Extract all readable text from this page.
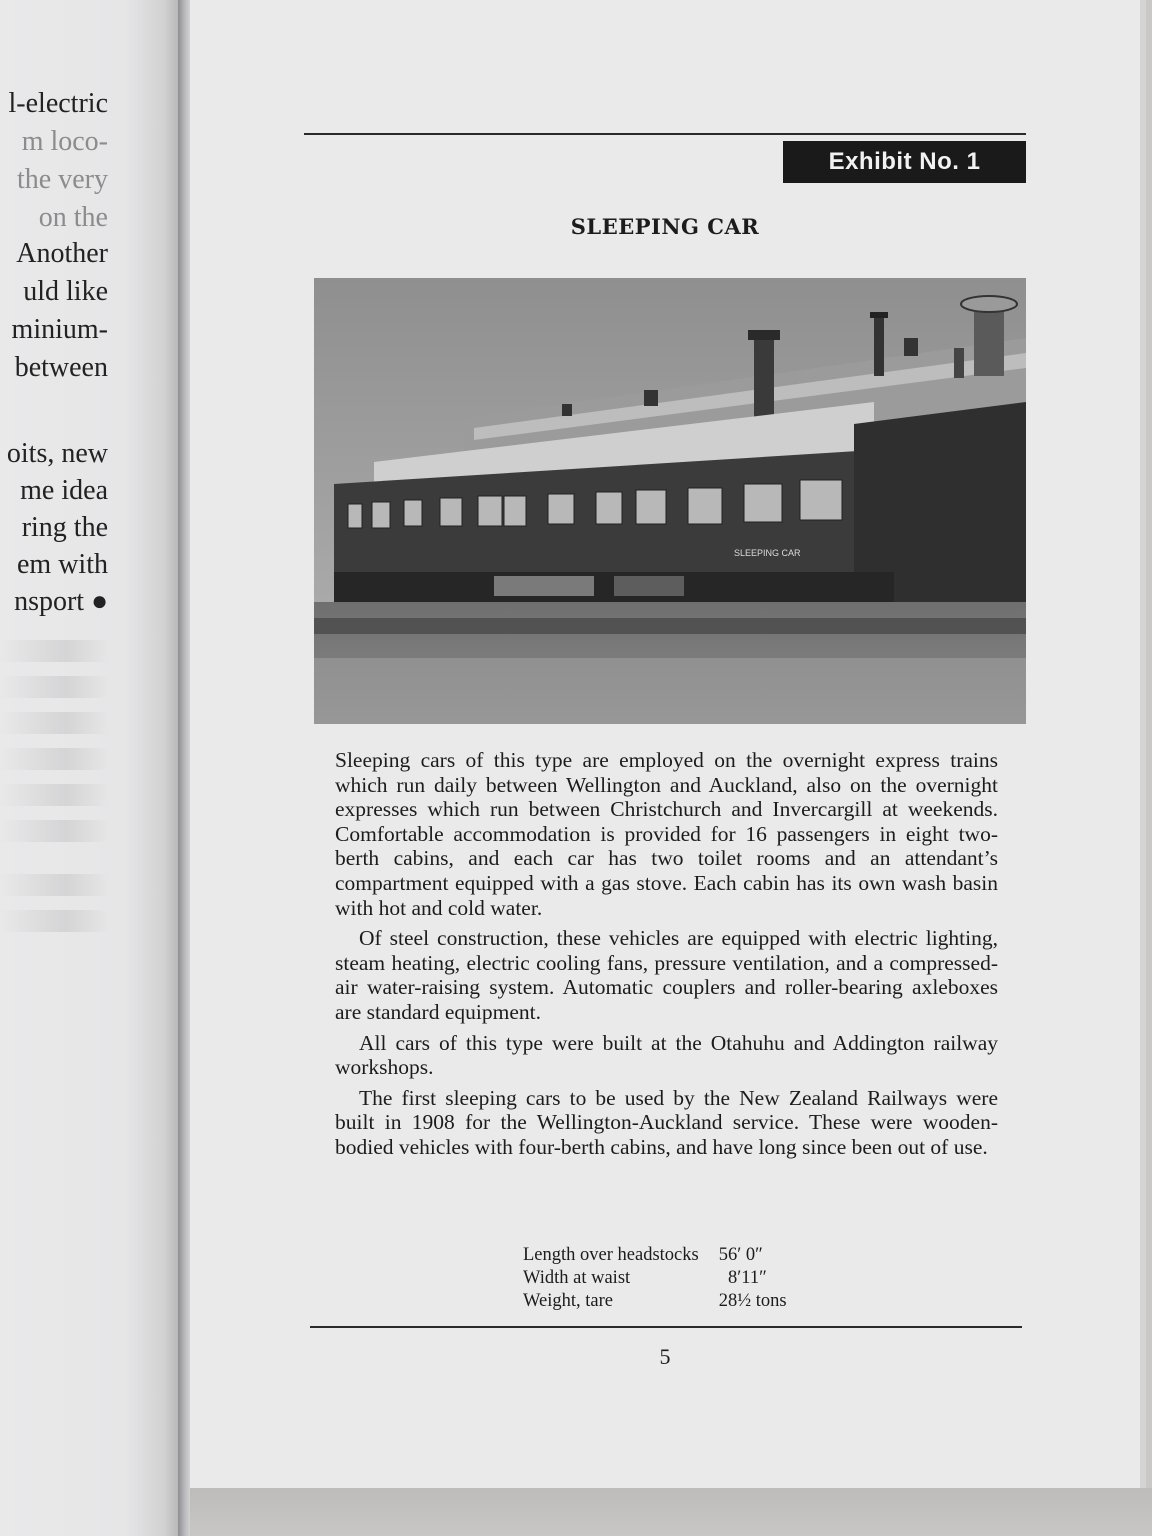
l-electric
m loco-
the very
on the
Another
uld like
minium-
between
oits, new
me idea
ring the
em with
nsport ●
Exhibit No. 1
SLEEPING CAR
SLEEPING CAR

Sleeping cars of this type are employed on the overnight express trains which run daily between Wellington and Auckland, also on the overnight expresses which run between Christchurch and Invercargill at weekends. Comfortable accommodation is provided for 16 passengers in eight two-berth cabins, and each car has two toilet rooms and an attendant’s compartment equipped with a gas stove. Each cabin has its own wash basin with hot and cold water.

Of steel construction, these vehicles are equipped with electric lighting, steam heating, electric cooling fans, pressure ventilation, and a compressed-air water-raising system. Automatic couplers and roller-bearing axleboxes are standard equipment.

All cars of this type were built at the Otahuhu and Addington railway workshops.

The first sleeping cars to be used by the New Zealand Railways were built in 1908 for the Wellington-Auckland service. These were wooden-bodied vehicles with four-berth cabins, and have long since been out of use.

Length over headstocks	56′ 0″
Width at waist	8′11″
Weight, tare	28½ tons
5
